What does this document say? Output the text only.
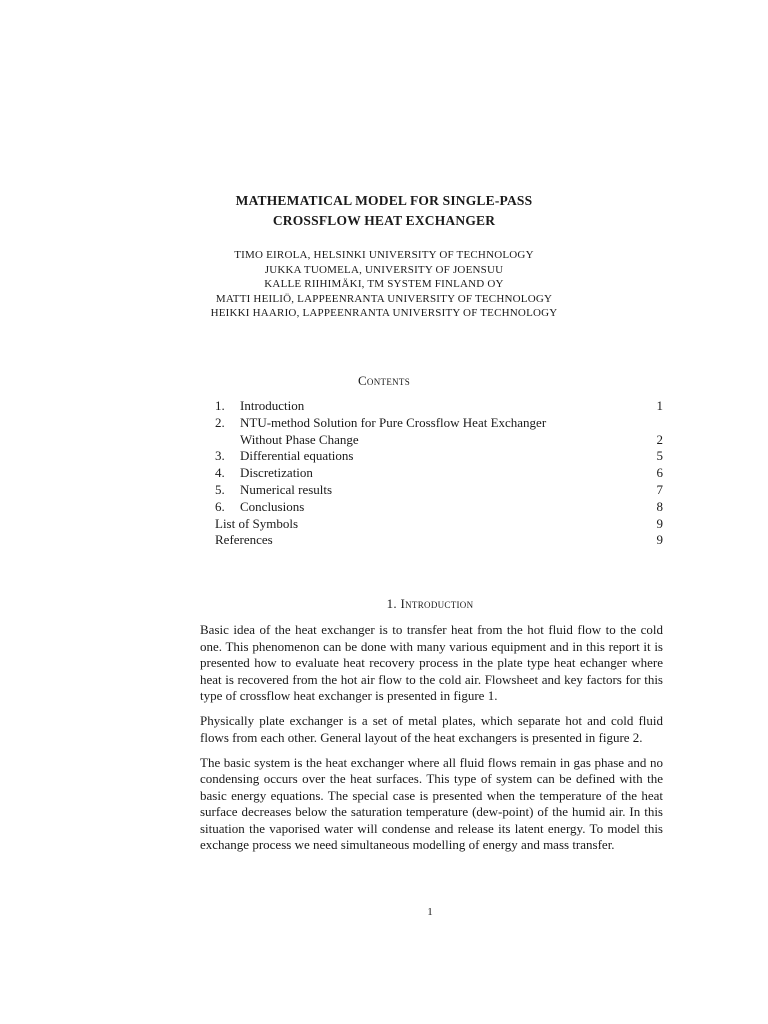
MATHEMATICAL MODEL FOR SINGLE-PASS
CROSSFLOW HEAT EXCHANGER
TIMO EIROLA, HELSINKI UNIVERSITY OF TECHNOLOGY
JUKKA TUOMELA, UNIVERSITY OF JOENSUU
KALLE RIIHIMÄKI, TM SYSTEM FINLAND OY
MATTI HEILIÖ, LAPPEENRANTA UNIVERSITY OF TECHNOLOGY
HEIKKI HAARIO, LAPPEENRANTA UNIVERSITY OF TECHNOLOGY
Contents
1.	Introduction	1
2.	NTU-method Solution for Pure Crossflow Heat Exchanger
Without Phase Change	2
3.	Differential equations	5
4.	Discretization	6
5.	Numerical results	7
6.	Conclusions	8
List of Symbols	9
References	9
1. Introduction

Basic idea of the heat exchanger is to transfer heat from the hot fluid flow to the cold one. This phenomenon can be done with many various equipment and in this report it is presented how to evaluate heat recovery process in the plate type heat echanger where heat is recovered from the hot air flow to the cold air. Flowsheet and key factors for this type of crossflow heat exchanger is presented in figure 1.

Physically plate exchanger is a set of metal plates, which separate hot and cold fluid flows from each other. General layout of the heat exchangers is presented in figure 2.

The basic system is the heat exchanger where all fluid flows remain in gas phase and no condensing occurs over the heat surfaces. This type of system can be defined with the basic energy equations. The special case is presented when the temperature of the heat surface decreases below the saturation temperature (dew-point) of the humid air. In this situation the vaporised water will condense and release its latent energy. To model this exchange process we need simultaneous modelling of energy and mass transfer.

1
